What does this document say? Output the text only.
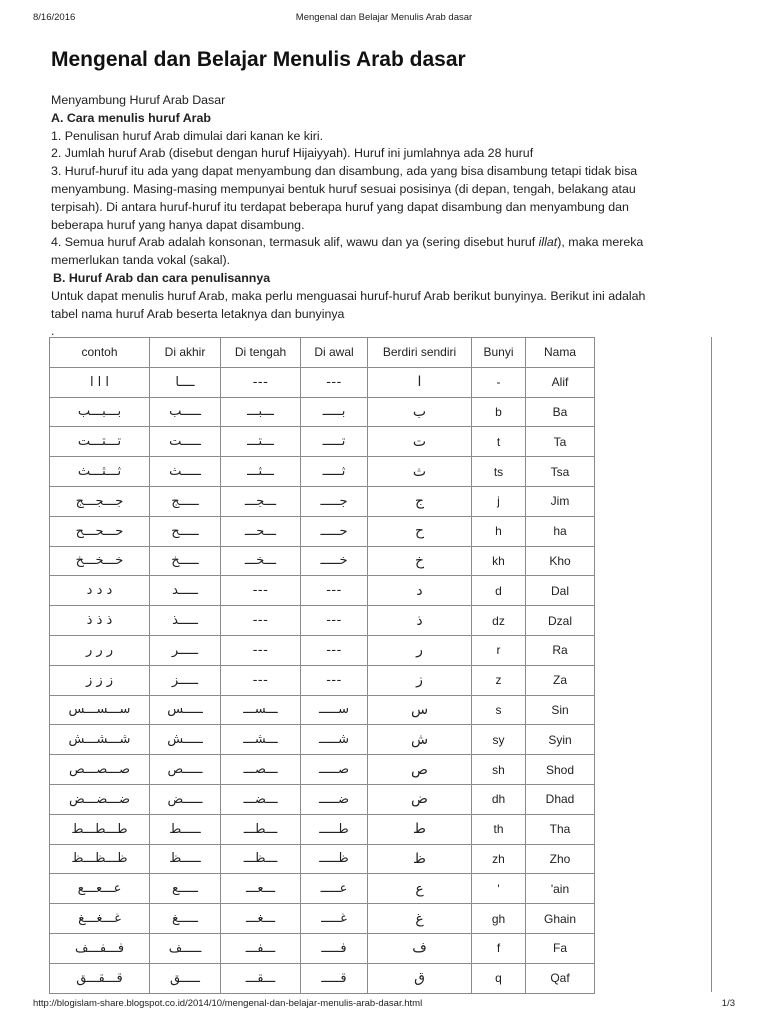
8/16/2016	Mengenal dan Belajar Menulis Arab dasar
Mengenal dan Belajar Menulis Arab dasar
Menyambung Huruf Arab Dasar
A. Cara menulis huruf Arab
1. Penulisan huruf Arab dimulai dari kanan ke kiri.
2. Jumlah huruf Arab (disebut dengan huruf Hijaiyyah). Huruf ini jumlahnya ada 28 huruf
3. Huruf-huruf itu ada yang dapat menyambung dan disambung, ada yang bisa disambung tetapi tidak bisa
menyambung. Masing-masing mempunyai bentuk huruf sesuai posisinya (di depan, tengah, belakang atau
terpisah). Di antara huruf-huruf itu terdapat beberapa huruf yang dapat disambung dan menyambung dan
beberapa huruf yang hanya dapat disambung.
4. Semua huruf Arab adalah konsonan, termasuk alif, wawu dan ya (sering disebut huruf illat), maka mereka
memerlukan tanda vokal (sakal).
B. Huruf Arab dan cara penulisannya
Untuk dapat menulis huruf Arab, maka perlu menguasai huruf-huruf Arab berikut bunyinya. Berikut ini adalah
tabel nama huruf Arab beserta letaknya dan bunyinya
.
contoh	Di akhir	Di tengah	Di awal	Berdiri sendiri	Bunyi	Nama
ا ا ا	ــــا	---	---	ا	-	Alif
بـــبـــب	ـــــب	ـــبـــ	بـــــ	ب	b	Ba
تـــتـــت	ـــــت	ـــتـــ	تـــــ	ت	t	Ta
ثـــثـــث	ـــــث	ـــثـــ	ثـــــ	ث	ts	Tsa
جـــجـــج	ـــــج	ـــجـــ	جـــــ	ج	j	Jim
حـــحـــح	ـــــح	ـــحـــ	حـــــ	ح	h	ha
خـــخـــخ	ـــــخ	ـــخـــ	خـــــ	خ	kh	Kho
د د د	ـــــد	---	---	د	d	Dal
ذ ذ ذ	ـــــذ	---	---	ذ	dz	Dzal
ر ر ر	ـــــر	---	---	ر	r	Ra
ز ز ز	ـــــز	---	---	ز	z	Za
ســـســـس	ـــــس	ـــســـ	ســـــ	س	s	Sin
شـــشـــش	ـــــش	ـــشـــ	شـــــ	ش	sy	Syin
صـــصـــص	ـــــص	ـــصـــ	صـــــ	ص	sh	Shod
ضـــضـــض	ـــــض	ـــضـــ	ضـــــ	ض	dh	Dhad
طـــطـــط	ـــــط	ـــطـــ	طـــــ	ط	th	Tha
ظـــظـــظ	ـــــظ	ـــظـــ	ظـــــ	ظ	zh	Zho
عـــعـــع	ـــــع	ـــعـــ	عـــــ	ع	'	'ain
غـــغـــغ	ـــــغ	ـــغـــ	غـــــ	غ	gh	Ghain
فـــفـــف	ـــــف	ـــفـــ	فـــــ	ف	f	Fa
قـــقـــق	ـــــق	ـــقـــ	قـــــ	ق	q	Qaf
http://blogislam-share.blogspot.co.id/2014/10/mengenal-dan-belajar-menulis-arab-dasar.html	1/3
